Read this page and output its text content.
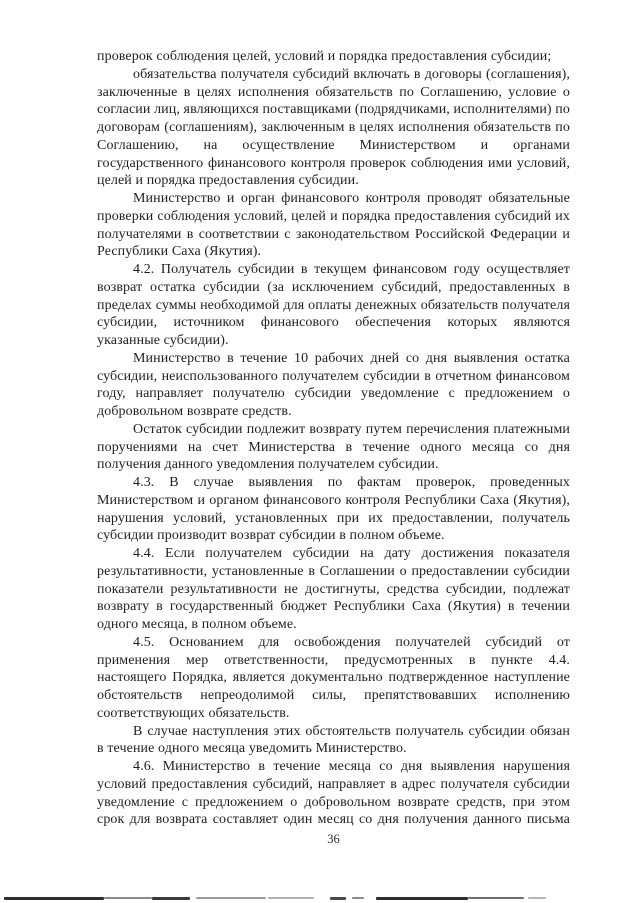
проверок соблюдения целей, условий и порядка предоставления субсидии;

обязательства получателя субсидий включать в договоры (соглашения), заключенные в целях исполнения обязательств по Соглашению, условие о согласии лиц, являющихся поставщиками (подрядчиками, исполнителями) по договорам (соглашениям), заключенным в целях исполнения обязательств по Соглашению, на осуществление Министерством и органами государственного финансового контроля проверок соблюдения ими условий, целей и порядка предоставления субсидии.

Министерство и орган финансового контроля проводят обязательные проверки соблюдения условий, целей и порядка предоставления субсидий их получателями в соответствии с законодательством Российской Федерации и Республики Саха (Якутия).

4.2. Получатель субсидии в текущем финансовом году осуществляет возврат остатка субсидии (за исключением субсидий, предоставленных в пределах суммы необходимой для оплаты денежных обязательств получателя субсидии, источником финансового обеспечения которых являются указанные субсидии).

Министерство в течение 10 рабочих дней со дня выявления остатка субсидии, неиспользованного получателем субсидии в отчетном финансовом году, направляет получателю субсидии уведомление с предложением о добровольном возврате средств.

Остаток субсидии подлежит возврату путем перечисления платежными поручениями на счет Министерства в течение одного месяца со дня получения данного уведомления получателем субсидии.

4.3. В случае выявления по фактам проверок, проведенных Министерством и органом финансового контроля Республики Саха (Якутия), нарушения условий, установленных при их предоставлении, получатель субсидии производит возврат субсидии в полном объеме.

4.4. Если получателем субсидии на дату достижения показателя результативности, установленные в Соглашении о предоставлении субсидии показатели результативности не достигнуты, средства субсидии, подлежат возврату в государственный бюджет Республики Саха (Якутия) в течении одного месяца, в полном объеме.

4.5. Основанием для освобождения получателей субсидий от применения мер ответственности, предусмотренных в пункте 4.4. настоящего Порядка, является документально подтвержденное наступление обстоятельств непреодолимой силы, препятствовавших исполнению соответствующих обязательств.

В случае наступления этих обстоятельств получатель субсидии обязан в течение одного месяца уведомить Министерство.

4.6. Министерство в течение месяца со дня выявления нарушения условий предоставления субсидий, направляет в адрес получателя субсидии уведомление с предложением о добровольном возврате средств, при этом срок для возврата составляет один месяц со дня получения данного письма

36
